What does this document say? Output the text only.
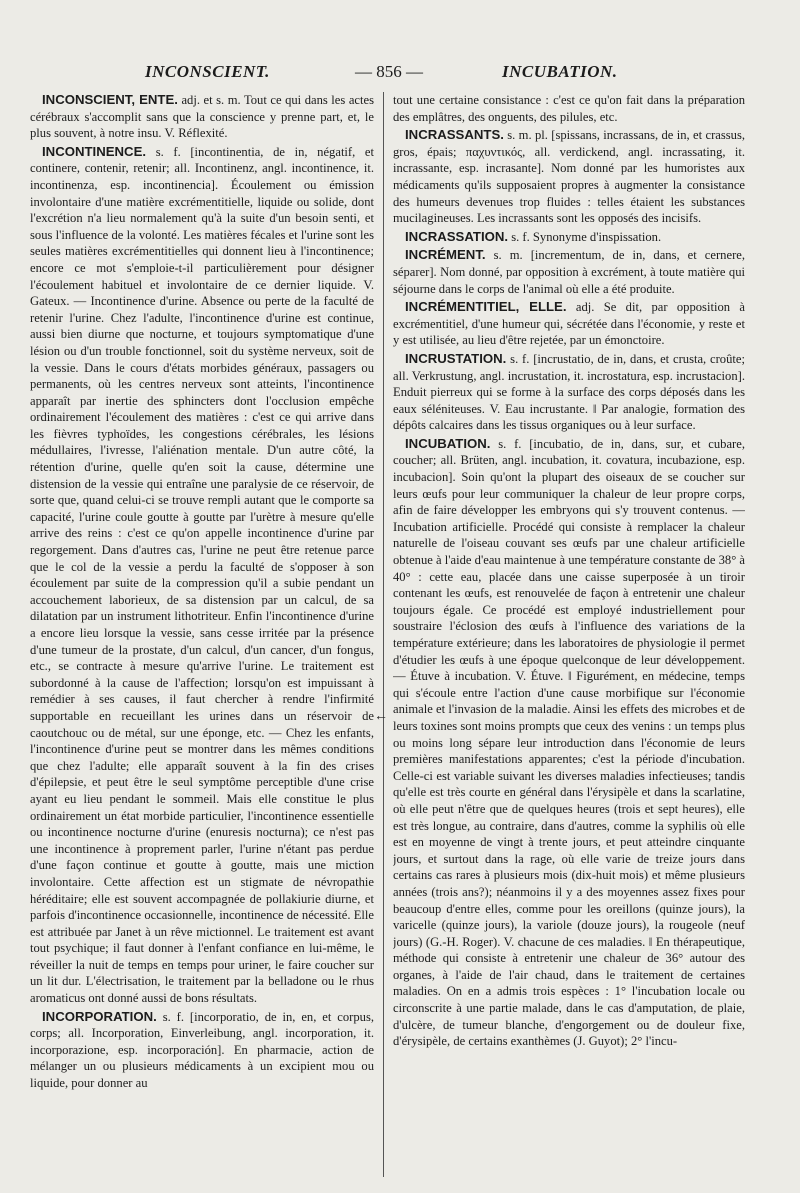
INCONSCIENT.	— 856 —	INCUBATION.

INCONSCIENT, ENTE. adj. et s. m. Tout ce qui dans les actes cérébraux s'accomplit sans que la conscience y prenne part, et, le plus souvent, à notre insu. V. Réflexité.

INCONTINENCE. s. f. [incontinentia, de in, négatif, et continere, contenir, retenir; all. Incontinenz, angl. incontinence, it. incontinenza, esp. incontinencia]. Écoulement ou émission involontaire d'une matière excrémentitielle, liquide ou solide, dont l'excrétion n'a lieu normalement qu'à la suite d'un besoin senti, et sous l'influence de la volonté. Les matières fécales et l'urine sont les seules matières excrémentitielles qui donnent lieu à l'incontinence; encore ce mot s'emploie-t-il particulièrement pour désigner l'écoulement habituel et involontaire de ce dernier liquide. V. Gateux. — Incontinence d'urine. Absence ou perte de la faculté de retenir l'urine. Chez l'adulte, l'incontinence d'urine est continue, aussi bien diurne que nocturne, et toujours symptomatique d'une lésion ou d'un trouble fonctionnel, soit du système nerveux, soit de la vessie. Dans le cours d'états morbides généraux, passagers ou permanents, où les centres nerveux sont atteints, l'incontinence apparaît par inertie des sphincters dont l'occlusion empêche ordinairement l'écoulement des matières : c'est ce qui arrive dans les fièvres typhoïdes, les congestions cérébrales, les lésions médullaires, l'ivresse, l'aliénation mentale. D'un autre côté, la rétention d'urine, quelle qu'en soit la cause, détermine une distension de la vessie qui entraîne une paralysie de ce réservoir, de sorte que, quand celui-ci se trouve rempli autant que le comporte sa capacité, l'urine coule goutte à goutte par l'urètre à mesure qu'elle arrive des reins : c'est ce qu'on appelle incontinence d'urine par regorgement. Dans d'autres cas, l'urine ne peut être retenue parce que le col de la vessie a perdu la faculté de s'opposer à son écoulement par suite de la compression qu'il a subie pendant un accouchement laborieux, de sa distension par un calcul, de sa dilatation par un instrument lithotriteur. Enfin l'incontinence d'urine a encore lieu lorsque la vessie, sans cesse irritée par la présence d'une tumeur de la prostate, d'un calcul, d'un cancer, d'un fongus, etc., se contracte à mesure qu'arrive l'urine. Le traitement est subordonné à la cause de l'affection; lorsqu'on est impuissant à remédier à ses causes, il faut chercher à rendre l'infirmité supportable en recueillant les urines dans un réservoir de caoutchouc ou de métal, sur une éponge, etc. — Chez les enfants, l'incontinence d'urine peut se montrer dans les mêmes conditions que chez l'adulte; elle apparaît souvent à la fin des crises d'épilepsie, et peut être le seul symptôme perceptible d'une crise ayant eu lieu pendant le sommeil. Mais elle constitue le plus ordinairement un état morbide particulier, l'incontinence essentielle ou incontinence nocturne d'urine (enuresis nocturna); ce n'est pas une incontinence à proprement parler, l'urine n'étant pas perdue d'une façon continue et goutte à goutte, mais une miction involontaire. Cette affection est un stigmate de névropathie héréditaire; elle est souvent accompagnée de pollakiurie diurne, et parfois d'incontinence occasionnelle, incontinence de nécessité. Elle est attribuée par Janet à un rêve mictionnel. Le traitement est avant tout psychique; il faut donner à l'enfant confiance en lui-même, le réveiller la nuit de temps en temps pour uriner, le faire coucher sur un lit dur. L'électrisation, le traitement par la belladone ou le rhus aromaticus ont donné aussi de bons résultats.

INCORPORATION. s. f. [incorporatio, de in, en, et corpus, corps; all. Incorporation, Einverleibung, angl. incorporation, it. incorporazione, esp. incorporación]. En pharmacie, action de mélanger un ou plusieurs médicaments à un excipient mou ou liquide, pour donner au

←

tout une certaine consistance : c'est ce qu'on fait dans la préparation des emplâtres, des onguents, des pilules, etc.

INCRASSANTS. s. m. pl. [spissans, incrassans, de in, et crassus, gros, épais; παχυντικός, all. verdickend, angl. incrassating, it. incrassante, esp. incrasante]. Nom donné par les humoristes aux médicaments qu'ils supposaient propres à augmenter la consistance des humeurs devenues trop fluides : telles étaient les substances mucilagineuses. Les incrassants sont les opposés des incisifs.

INCRASSATION. s. f. Synonyme d'inspissation.

INCRÉMENT. s. m. [incrementum, de in, dans, et cernere, séparer]. Nom donné, par opposition à excrément, à toute matière qui séjourne dans le corps de l'animal où elle a été produite.

INCRÉMENTITIEL, ELLE. adj. Se dit, par opposition à excrémentitiel, d'une humeur qui, sécrétée dans l'économie, y reste et y est utilisée, au lieu d'être rejetée, par un émonctoire.

INCRUSTATION. s. f. [incrustatio, de in, dans, et crusta, croûte; all. Verkrustung, angl. incrustation, it. incrostatura, esp. incrustacion]. Enduit pierreux qui se forme à la surface des corps déposés dans les eaux séléniteuses. V. Eau incrustante. ‖ Par analogie, formation des dépôts calcaires dans les tissus organiques ou à leur surface.

INCUBATION. s. f. [incubatio, de in, dans, sur, et cubare, coucher; all. Brüten, angl. incubation, it. covatura, incubazione, esp. incubacion]. Soin qu'ont la plupart des oiseaux de se coucher sur leurs œufs pour leur communiquer la chaleur de leur propre corps, afin de faire développer les embryons qui s'y trouvent contenus. — Incubation artificielle. Procédé qui consiste à remplacer la chaleur naturelle de l'oiseau couvant ses œufs par une chaleur artificielle obtenue à l'aide d'eau maintenue à une température constante de 38° à 40° : cette eau, placée dans une caisse superposée à un tiroir contenant les œufs, est renouvelée de façon à entretenir une chaleur toujours égale. Ce procédé est employé industriellement pour soustraire l'éclosion des œufs à l'influence des variations de la température extérieure; dans les laboratoires de physiologie il permet d'étudier les œufs à une époque quelconque de leur développement. — Étuve à incubation. V. Étuve. ‖ Figurément, en médecine, temps qui s'écoule entre l'action d'une cause morbifique sur l'économie animale et l'invasion de la maladie. Ainsi les effets des microbes et de leurs toxines sont moins prompts que ceux des venins : un temps plus ou moins long sépare leur introduction dans l'économie de leurs premières manifestations apparentes; c'est la période d'incubation. Celle-ci est variable suivant les diverses maladies infectieuses; tandis qu'elle est très courte en général dans l'érysipèle et dans la scarlatine, où elle peut n'être que de quelques heures (trois et sept heures), elle est très longue, au contraire, dans d'autres, comme la syphilis où elle est en moyenne de vingt à trente jours, et peut atteindre cinquante jours, et surtout dans la rage, où elle varie de treize jours dans certains cas rares à plusieurs mois (dix-huit mois) et même plusieurs années (trois ans?); néanmoins il y a des moyennes assez fixes pour beaucoup d'entre elles, comme pour les oreillons (quinze jours), la varicelle (quinze jours), la variole (douze jours), la rougeole (neuf jours) (G.-H. Roger). V. chacune de ces maladies. ‖ En thérapeutique, méthode qui consiste à entretenir une chaleur de 36° autour des organes, à l'aide de l'air chaud, dans le traitement de certaines maladies. On en a admis trois espèces : 1° l'incubation locale ou circonscrite à une partie malade, dans le cas d'amputation, de plaie, d'ulcère, de tumeur blanche, d'engorgement ou de douleur fixe, d'érysipèle, de certains exanthèmes (J. Guyot); 2° l'incu-
